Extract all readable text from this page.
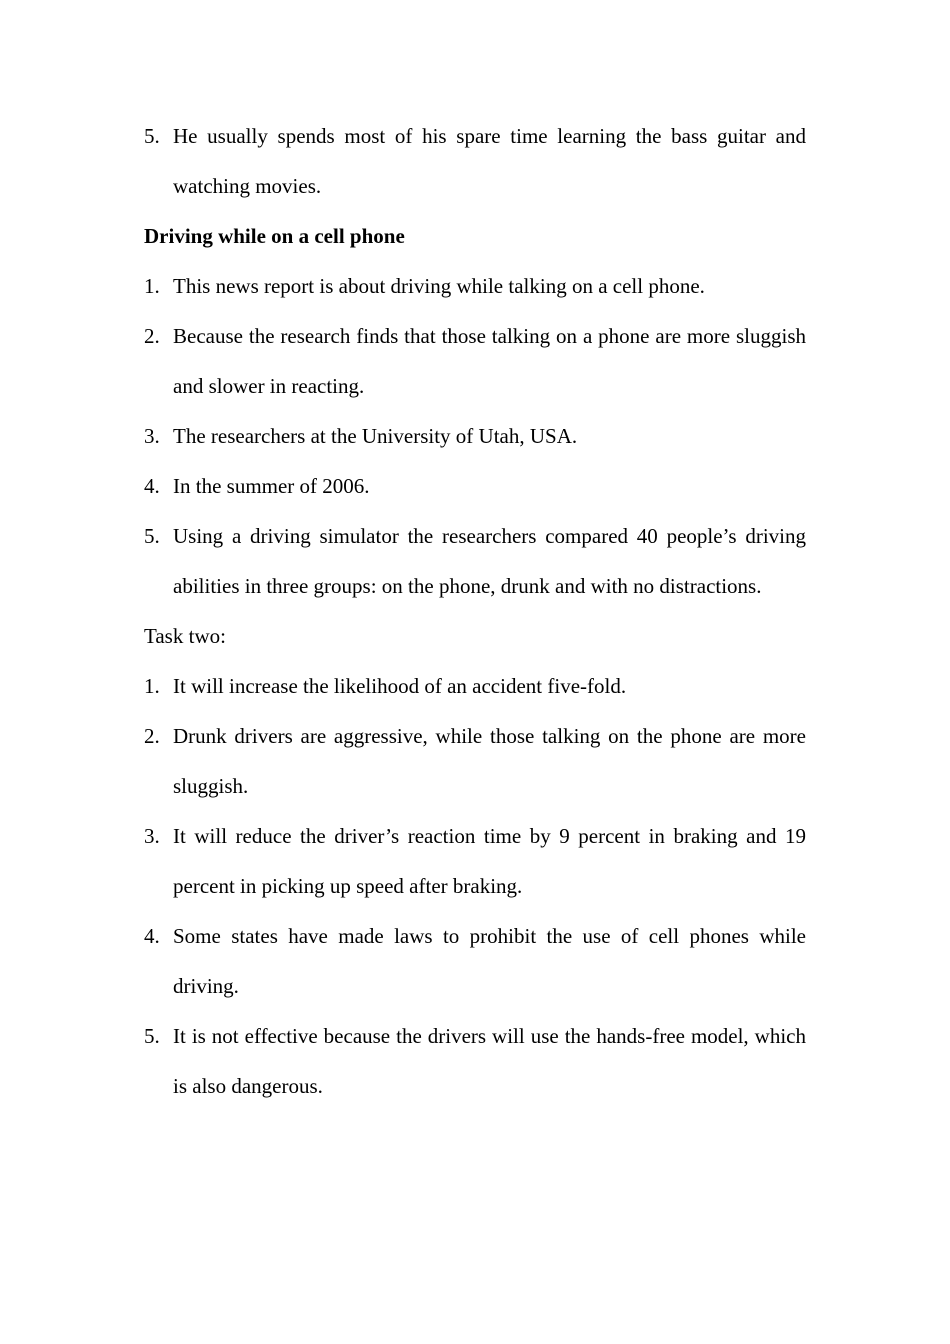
5. He usually spends most of his spare time learning the bass guitar and watching movies.
Driving while on a cell phone
1. This news report is about driving while talking on a cell phone.
2. Because the research finds that those talking on a phone are more sluggish and slower in reacting.
3. The researchers at the University of Utah, USA.
4. In the summer of 2006.
5. Using a driving simulator the researchers compared 40 people’s driving abilities in three groups: on the phone, drunk and with no distractions.
Task two:
1. It will increase the likelihood of an accident five-fold.
2. Drunk drivers are aggressive, while those talking on the phone are more sluggish.
3. It will reduce the driver’s reaction time by 9 percent in braking and 19 percent in picking up speed after braking.
4. Some states have made laws to prohibit the use of cell phones while driving.
5. It is not effective because the drivers will use the hands-free model, which is also dangerous.
